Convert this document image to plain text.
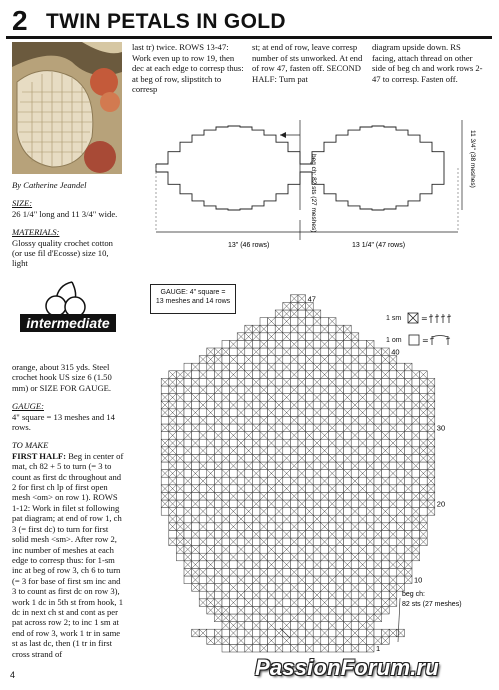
2 TWIN PETALS IN GOLD

By Catherine Jeandel

SIZE:

26 1/4" long and 11 3/4" wide.

MATERIALS:

Glossy quality crochet cotton (or use fil d'Ecosse) size 10, light

intermediate

orange, about 315 yds. Steel crochet hook US size 6 (1.50 mm) or SIZE FOR GAUGE.

GAUGE:

4" square = 13 meshes and 14 rows.

TO MAKE

FIRST HALF: Beg in center of mat, ch 82 + 5 to turn (= 3 to count as first dc throughout and 2 for first ch lp of first open mesh <om> on row 1). ROWS 1-12: Work in filet st following pat diagram; at end of row 1, ch 3 (= first dc) to turn for first solid mesh <sm>. After row 2, inc number of meshes at each edge to corresp thus: for 1-sm inc at beg of row 3, ch 6 to turn (= 3 for base of first sm inc and 3 to count as first dc on row 3), work 1 dc in 5th st from hook, 1 dc in next ch st and cont as per pat across row 2; to inc 1 sm at end of row 3, work 1 tr in same st as last dc, then (1 tr in first cross strand of

last tr) twice. ROWS 13-47: Work even up to row 19, then dec at each edge to corresp thus: at beg of row, slipstitch to corresp

st; at end of row, leave corresp number of sts unworked. At end of row 47, fasten off. SECOND HALF: Turn pat

diagram upside down. RS facing, attach thread on other side of beg ch and work rows 2-47 to corresp. Fasten off.

13" (46 rows)	13 1/4" (47 rows)
beg ch: 82 sts (27 meshes)	11 3/4" (38 meshes)
47
40
30
20
10
1
beg ch:
82 sts (27 meshes)
GAUGE: 4" square =
13 meshes and 14 rows
1 sm =
1 om =
4	PassionForum.ru
